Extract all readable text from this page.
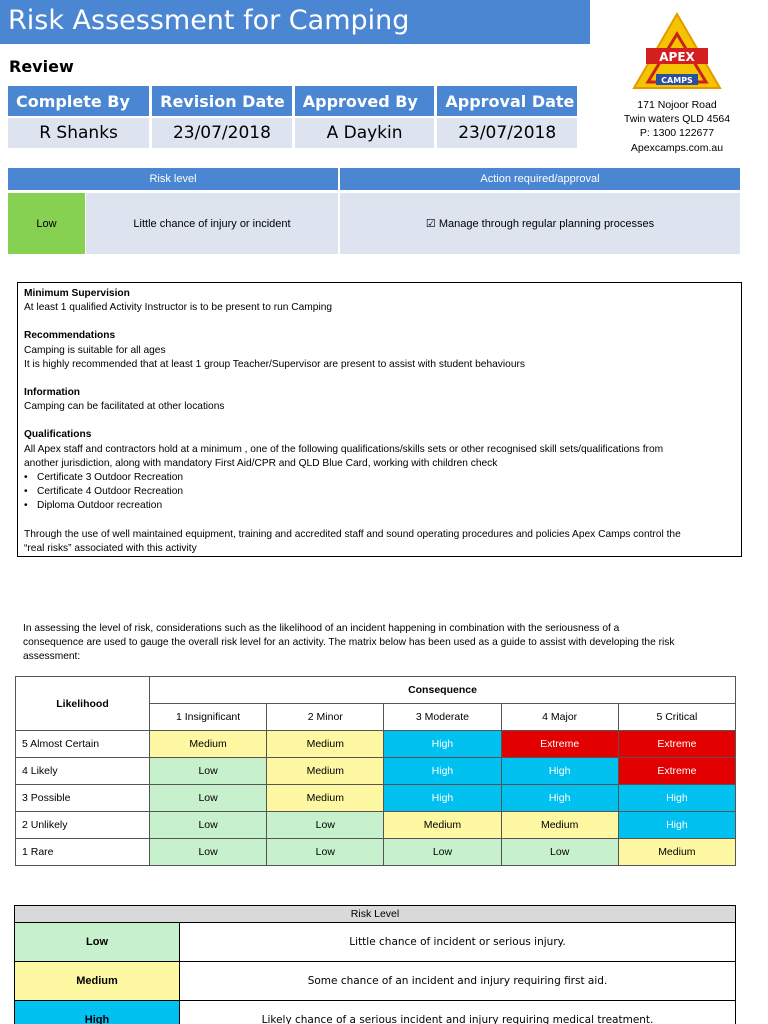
Risk Assessment for Camping
Review
Complete By	Revision Date	Approved By	Approval Date
R Shanks	23/07/2018	A Daykin	23/07/2018
APEX
CAMPS
171 Nojoor Road
Twin waters QLD 4564
P: 1300 122677
Apexcamps.com.au
Risk level	Action required/approval
Low	Little chance of injury or incident	☑ Manage through regular planning processes
Minimum Supervision
At least 1 qualified Activity Instructor is to be present to run Camping
Recommendations
Camping is suitable for all ages
It is highly recommended that at least 1 group Teacher/Supervisor are present to assist with student behaviours
Information
Camping can be facilitated at other locations
Qualifications
All Apex staff and contractors hold at a minimum , one of the following qualifications/skills sets or other recognised skill sets/qualifications from
another jurisdiction, along with mandatory First Aid/CPR and QLD Blue Card, working with children check
• Certificate 3 Outdoor Recreation
• Certificate 4 Outdoor Recreation
• Diploma Outdoor recreation
Through the use of well maintained equipment, training and accredited staff and sound operating procedures and policies Apex Camps control the
“real risks” associated with this activity
In assessing the level of risk, considerations such as the likelihood of an incident happening in combination with the seriousness of a
consequence are used to gauge the overall risk level for an activity. The matrix below has been used as a guide to assist with developing the risk
assessment:
Likelihood	Consequence				
	1 Insignificant	2 Minor	3 Moderate	4 Major	5 Critical
5 Almost Certain	Medium	Medium	High	Extreme	Extreme
4 Likely	Low	Medium	High	High	Extreme
3 Possible	Low	Medium	High	High	High
2 Unlikely	Low	Low	Medium	Medium	High
1 Rare	Low	Low	Low	Low	Medium
Risk Level	
Low	Little chance of incident or serious injury.
Medium	Some chance of an incident and injury requiring first aid.
High	Likely chance of a serious incident and injury requiring medical treatment.
